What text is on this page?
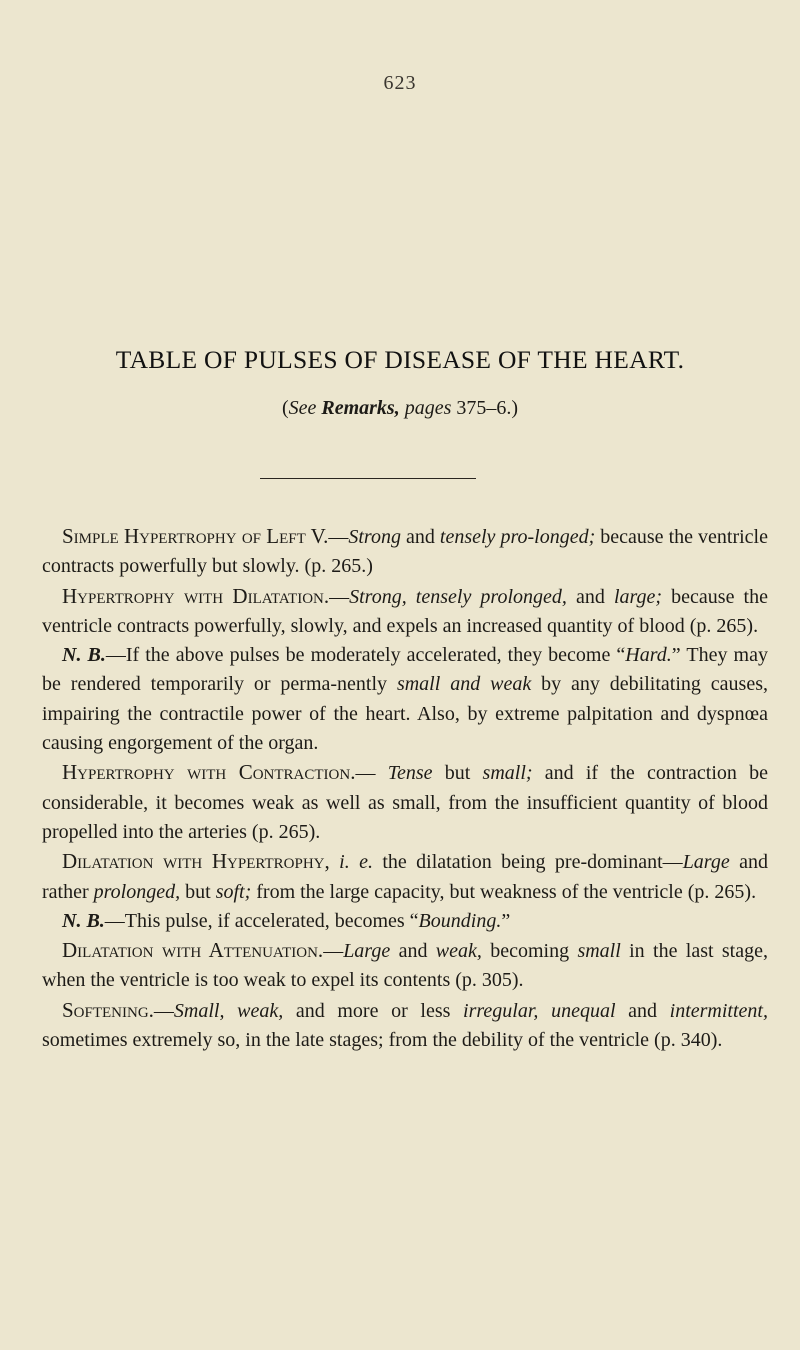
623
TABLE OF PULSES OF DISEASE OF THE HEART.
(See Remarks, pages 375–6.)

Simple Hypertrophy of Left V.—Strong and tensely pro-longed; because the ventricle contracts powerfully but slowly. (p. 265.)

Hypertrophy with Dilatation.—Strong, tensely prolonged, and large; because the ventricle contracts powerfully, slowly, and expels an increased quantity of blood (p. 265).

N. B.—If the above pulses be moderately accelerated, they become “Hard.” They may be rendered temporarily or perma-nently small and weak by any debilitating causes, impairing the contractile power of the heart. Also, by extreme palpitation and dyspnœa causing engorgement of the organ.

Hypertrophy with Contraction.— Tense but small; and if the contraction be considerable, it becomes weak as well as small, from the insufficient quantity of blood propelled into the arteries (p. 265).

Dilatation with Hypertrophy, i. e. the dilatation being pre-dominant—Large and rather prolonged, but soft; from the large capacity, but weakness of the ventricle (p. 265).

N. B.—This pulse, if accelerated, becomes “Bounding.”

Dilatation with Attenuation.—Large and weak, becoming small in the last stage, when the ventricle is too weak to expel its contents (p. 305).

Softening.—Small, weak, and more or less irregular, unequal and intermittent, sometimes extremely so, in the late stages; from the debility of the ventricle (p. 340).
